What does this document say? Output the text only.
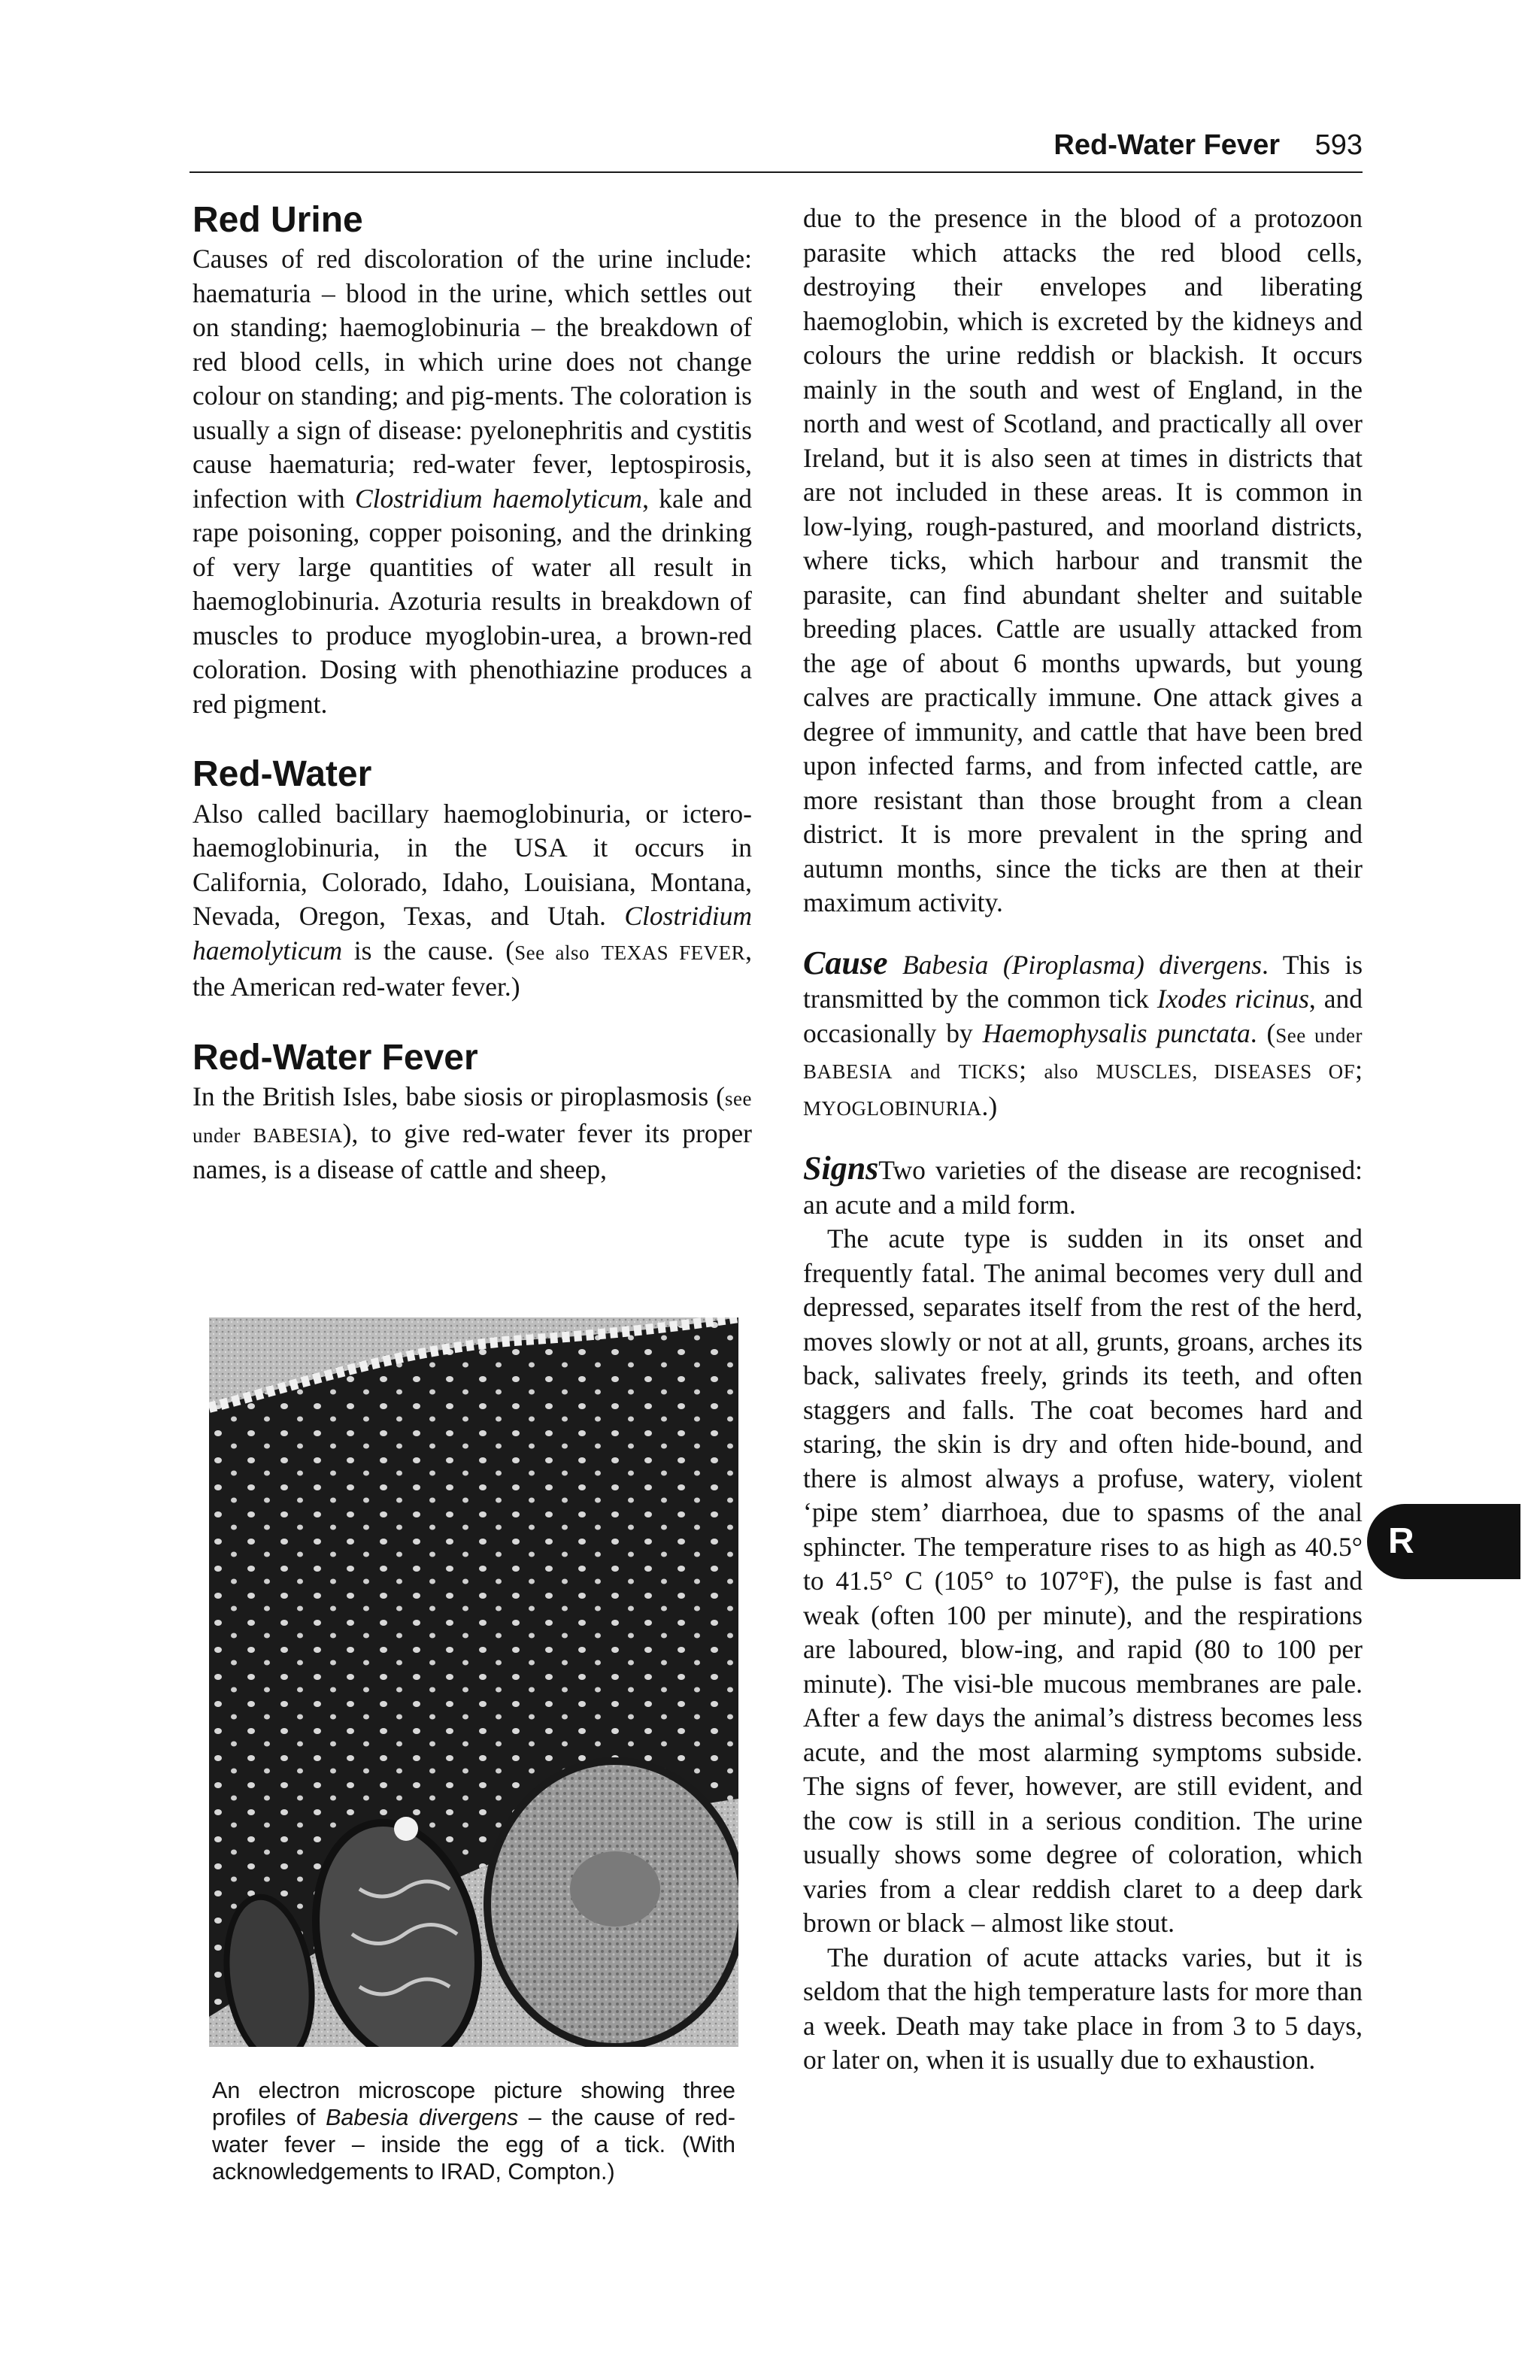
Red-Water Fever 593
Red Urine

Causes of red discoloration of the urine include: haematuria – blood in the urine, which settles out on standing; haemoglobinuria – the breakdown of red blood cells, in which urine does not change colour on standing; and pig-ments. The coloration is usually a sign of disease: pyelonephritis and cystitis cause haematuria; red-water fever, leptospirosis, infection with Clostridium haemolyticum, kale and rape poisoning, copper poisoning, and the drinking of very large quantities of water all result in haemoglobinuria. Azoturia results in breakdown of muscles to produce myoglobin-urea, a brown-red coloration. Dosing with phenothiazine produces a red pigment.

Red-Water

Also called bacillary haemoglobinuria, or ictero-haemoglobinuria, in the USA it occurs in California, Colorado, Idaho, Louisiana, Montana, Nevada, Oregon, Texas, and Utah. Clostridium haemolyticum is the cause. (See also TEXAS FEVER, the American red-water fever.)

Red-Water Fever

In the British Isles, babe siosis or piroplasmosis (see under BABESIA), to give red-water fever its proper names, is a disease of cattle and sheep,

An electron microscope picture showing three profiles of Babesia divergens – the cause of red-water fever – inside the egg of a tick. (With acknowledgements to IRAD, Compton.)

due to the presence in the blood of a protozoon parasite which attacks the red blood cells, destroying their envelopes and liberating haemoglobin, which is excreted by the kidneys and colours the urine reddish or blackish. It occurs mainly in the south and west of England, in the north and west of Scotland, and practically all over Ireland, but it is also seen at times in districts that are not included in these areas. It is common in low-lying, rough-pastured, and moorland districts, where ticks, which harbour and transmit the parasite, can find abundant shelter and suitable breeding places. Cattle are usually attacked from the age of about 6 months upwards, but young calves are practically immune. One attack gives a degree of immunity, and cattle that have been bred upon infected farms, and from infected cattle, are more resistant than those brought from a clean district. It is more prevalent in the spring and autumn months, since the ticks are then at their maximum activity.

Cause Babesia (Piroplasma) divergens. This is transmitted by the common tick Ixodes ricinus, and occasionally by Haemophysalis punctata. (See under BABESIA and TICKS; also MUSCLES, DISEASES OF; MYOGLOBINURIA.)

SignsTwo varieties of the disease are recognised: an acute and a mild form.

The acute type is sudden in its onset and frequently fatal. The animal becomes very dull and depressed, separates itself from the rest of the herd, moves slowly or not at all, grunts, groans, arches its back, salivates freely, grinds its teeth, and often staggers and falls. The coat becomes hard and staring, the skin is dry and often hide-bound, and there is almost always a profuse, watery, violent ‘pipe stem’ diarrhoea, due to spasms of the anal sphincter. The temperature rises to as high as 40.5° to 41.5° C (105° to 107°F), the pulse is fast and weak (often 100 per minute), and the respirations are laboured, blow-ing, and rapid (80 to 100 per minute). The visi-ble mucous membranes are pale. After a few days the animal’s distress becomes less acute, and the most alarming symptoms subside. The signs of fever, however, are still evident, and the cow is still in a serious condition. The urine usually shows some degree of coloration, which varies from a clear reddish claret to a deep dark brown or black – almost like stout.

The duration of acute attacks varies, but it is seldom that the high temperature lasts for more than a week. Death may take place in from 3 to 5 days, or later on, when it is usually due to exhaustion.

R
